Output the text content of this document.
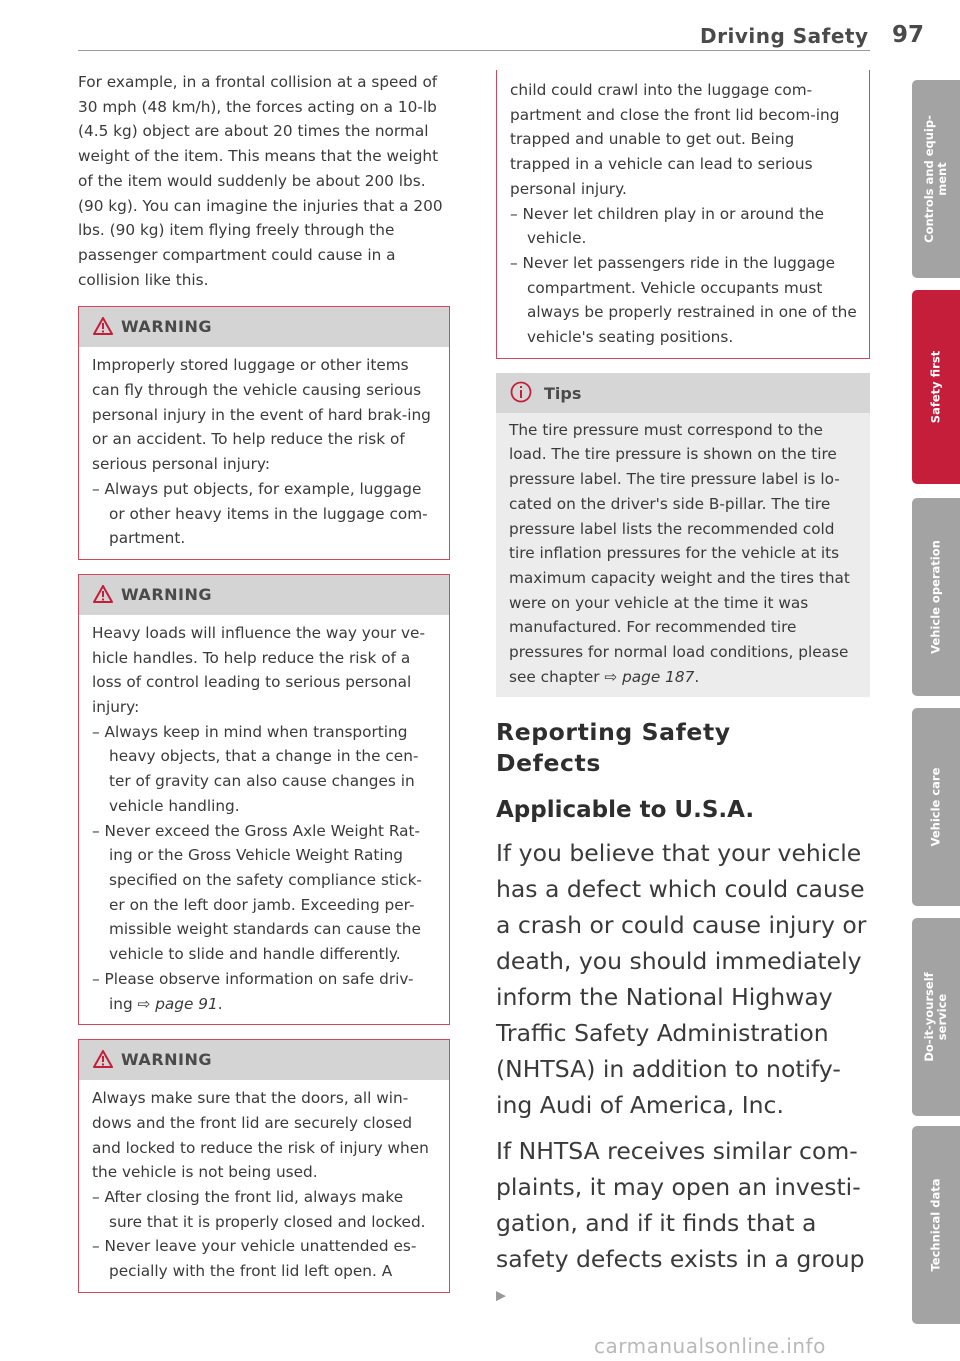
Driving Safety 97

For example, in a frontal collision at a speed of 30 mph (48 km/h), the forces acting on a 10-lb (4.5 kg) object are about 20 times the normal weight of the item. This means that the weight of the item would suddenly be about 200 lbs. (90 kg). You can imagine the injuries that a 200 lbs. (90 kg) item flying freely through the passenger compartment could cause in a collision like this.

WARNING

Improperly stored luggage or other items can fly through the vehicle causing serious personal injury in the event of hard brak-ing or an accident. To help reduce the risk of serious personal injury:

– Always put objects, for example, luggage or other heavy items in the luggage com-partment.

WARNING

Heavy loads will influence the way your ve-hicle handles. To help reduce the risk of a loss of control leading to serious personal injury:

– Always keep in mind when transporting heavy objects, that a change in the cen-ter of gravity can also cause changes in vehicle handling.

– Never exceed the Gross Axle Weight Rat-ing or the Gross Vehicle Weight Rating specified on the safety compliance stick-er on the left door jamb. Exceeding per-missible weight standards can cause the vehicle to slide and handle differently.

– Please observe information on safe driv-ing ⇨ page 91.

WARNING

Always make sure that the doors, all win-dows and the front lid are securely closed and locked to reduce the risk of injury when the vehicle is not being used.

– After closing the front lid, always make sure that it is properly closed and locked.

– Never leave your vehicle unattended es-pecially with the front lid left open. A

child could crawl into the luggage com-partment and close the front lid becom-ing trapped and unable to get out. Being trapped in a vehicle can lead to serious personal injury.

– Never let children play in or around the vehicle.

– Never let passengers ride in the luggage compartment. Vehicle occupants must always be properly restrained in one of the vehicle's seating positions.

Tips

The tire pressure must correspond to the load. The tire pressure is shown on the tire pressure label. The tire pressure label is lo-cated on the driver's side B-pillar. The tire pressure label lists the recommended cold tire inflation pressures for the vehicle at its maximum capacity weight and the tires that were on your vehicle at the time it was manufactured. For recommended tire pressures for normal load conditions, please see chapter ⇨ page 187.

Reporting Safety Defects
Applicable to U.S.A.

If you believe that your vehicle has a defect which could cause a crash or could cause injury or death, you should immediately inform the National Highway Traffic Safety Administration (NHTSA) in addition to notify-ing Audi of America, Inc.

If NHTSA receives similar com-plaints, it may open an investi-gation, and if it finds that a safety defects exists in a group ▶

Controls and equip-
ment
Safety first
Vehicle operation
Vehicle care
Do-it-yourself
service
Technical data
carmanualsonline.info
